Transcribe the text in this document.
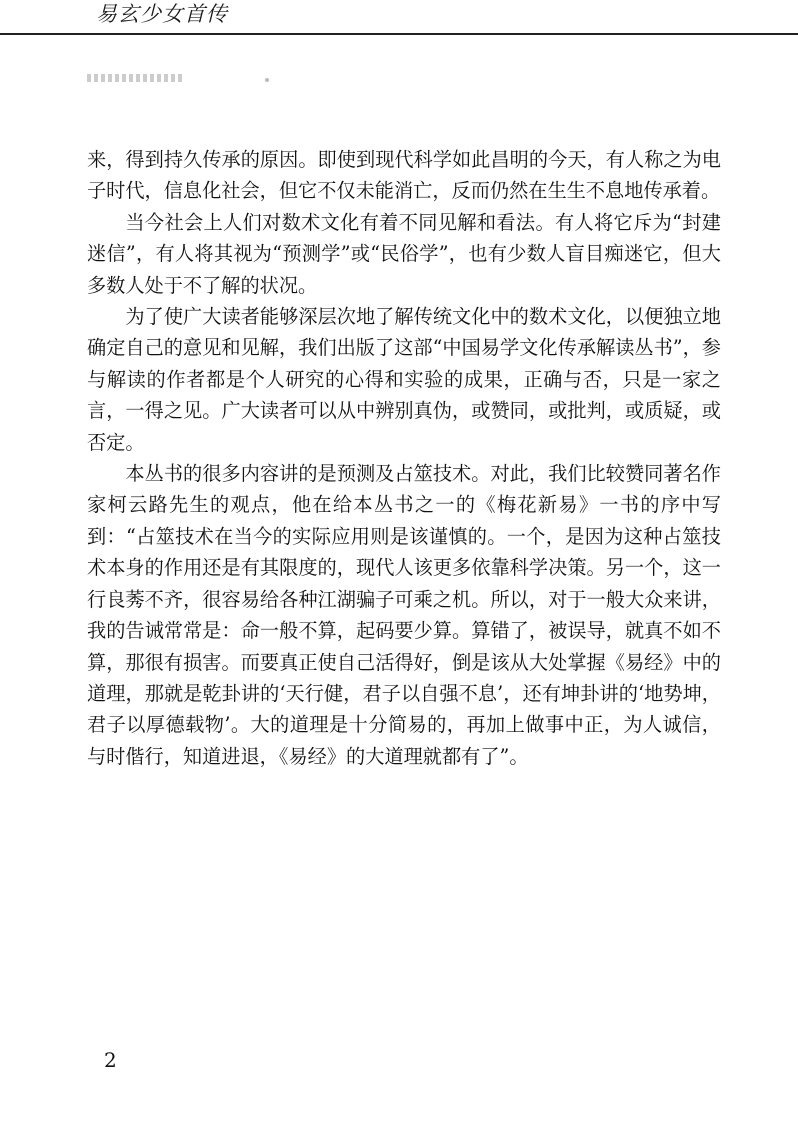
易玄少女首传

来，得到持久传承的原因。即使到现代科学如此昌明的今天，有人称之为电子时代，信息化社会，但它不仅未能消亡，反而仍然在生生不息地传承着。

当今社会上人们对数术文化有着不同见解和看法。有人将它斥为“封建迷信”，有人将其视为“预测学”或“民俗学”，也有少数人盲目痴迷它，但大多数人处于不了解的状况。

为了使广大读者能够深层次地了解传统文化中的数术文化，以便独立地确定自己的意见和见解，我们出版了这部“中国易学文化传承解读丛书”，参与解读的作者都是个人研究的心得和实验的成果，正确与否，只是一家之言，一得之见。广大读者可以从中辨别真伪，或赞同，或批判，或质疑，或否定。

本丛书的很多内容讲的是预测及占筮技术。对此，我们比较赞同著名作家柯云路先生的观点，他在给本丛书之一的《梅花新易》一书的序中写到：“占筮技术在当今的实际应用则是该谨慎的。一个，是因为这种占筮技术本身的作用还是有其限度的，现代人该更多依靠科学决策。另一个，这一行良莠不齐，很容易给各种江湖骗子可乘之机。所以，对于一般大众来讲，我的告诫常常是：命一般不算，起码要少算。算错了，被误导，就真不如不算，那很有损害。而要真正使自己活得好，倒是该从大处掌握《易经》中的道理，那就是乾卦讲的‘天行健，君子以自强不息’，还有坤卦讲的‘地势坤，君子以厚德载物’。大的道理是十分简易的，再加上做事中正，为人诚信，与时偕行，知道进退，《易经》的大道理就都有了”。

2
